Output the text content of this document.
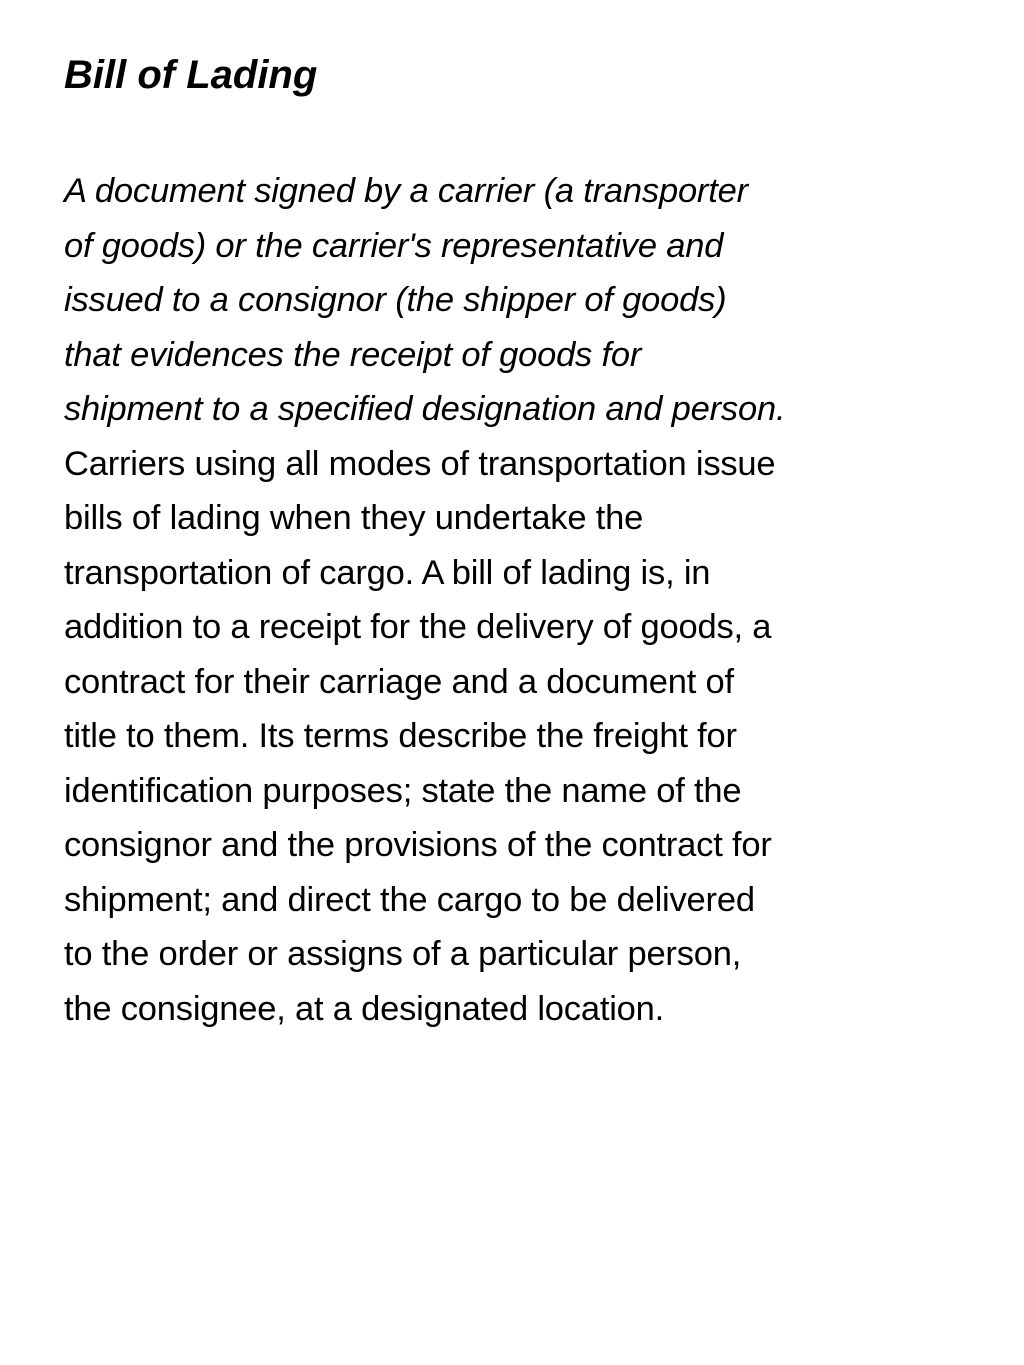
Bill of Lading
A document signed by a carrier (a transporter
of goods) or the carrier's representative and
issued to a consignor (the shipper of goods)
that evidences the receipt of goods for
shipment to a specified designation and person.
Carriers using all modes of transportation issue
bills of lading when they undertake the
transportation of cargo. A bill of lading is, in
addition to a receipt for the delivery of goods, a
contract for their carriage and a document of
title to them. Its terms describe the freight for
identification purposes; state the name of the
consignor and the provisions of the contract for
shipment; and direct the cargo to be delivered
to the order or assigns of a particular person,
the consignee, at a designated location.
